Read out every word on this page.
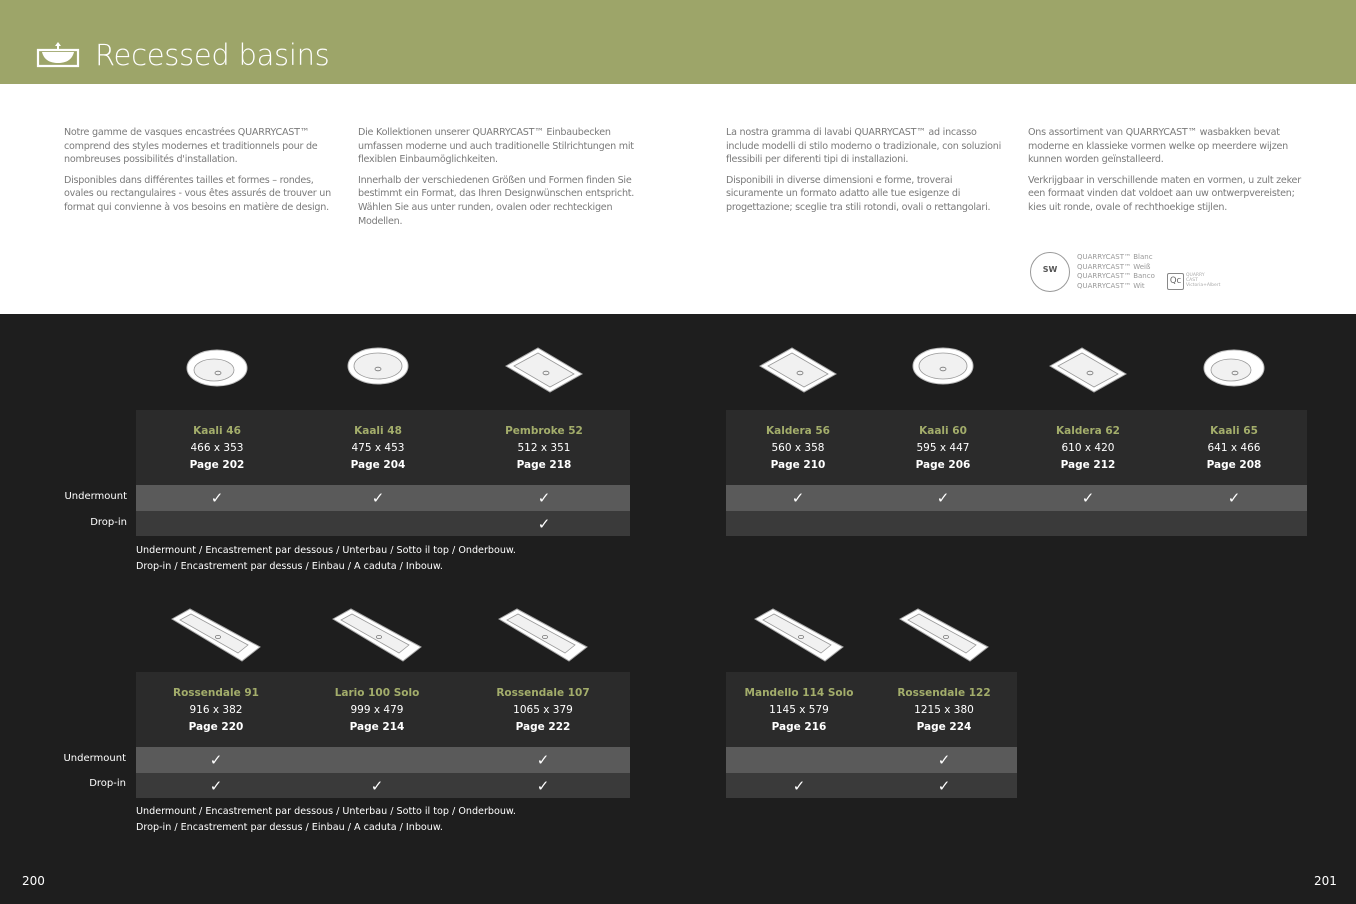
Recessed basins

Notre gamme de vasques encastrées QUARRYCAST™ comprend des styles modernes et traditionnels pour de nombreuses possibilités d'installation.

Disponibles dans différentes tailles et formes – rondes, ovales ou rectangulaires - vous êtes assurés de trouver un format qui convienne à vos besoins en matière de design.

Die Kollektionen unserer QUARRYCAST™ Einbaubecken umfassen moderne und auch traditionelle Stilrichtungen mit flexiblen Einbaumöglichkeiten.

Innerhalb der verschiedenen Größen und Formen finden Sie bestimmt ein Format, das Ihren Designwünschen entspricht. Wählen Sie aus unter runden, ovalen oder rechteckigen Modellen.

La nostra gramma di lavabi QUARRYCAST™ ad incasso include modelli di stilo moderno o tradizionale, con soluzioni flessibili per diferenti tipi di installazioni.

Disponibili in diverse dimensioni e forme, troverai sicuramente un formato adatto alle tue esigenze di progettazione; sceglie tra stili rotondi, ovali o rettangolari.

Ons assortiment van QUARRYCAST™ wasbakken bevat moderne en klassieke vormen welke op meerdere wijzen kunnen worden geïnstalleerd.

Verkrijgbaar in verschillende maten en vormen, u zult zeker een formaat vinden dat voldoet aan uw ontwerpvereisten; kies uit ronde, ovale of rechthoekige stijlen.

SW
QUARRYCAST™ Blanc
QUARRYCAST™ Weiß
QUARRYCAST™ Banco
QUARRYCAST™ Wit	Qc
QUARRY
CAST
Victoria+Albert
Kaali 46
466 x 353
Page 202
✓
Kaali 48
475 x 453
Page 204
✓
Pembroke 52
512 x 351
Page 218
✓
✓
Kaldera 56
560 x 358
Page 210
✓
Kaali 60
595 x 447
Page 206
✓
Kaldera 62
610 x 420
Page 212
✓
Kaali 65
641 x 466
Page 208
✓
Rossendale 91
916 x 382
Page 220
✓
✓
Lario 100 Solo
999 x 479
Page 214
✓
Rossendale 107
1065 x 379
Page 222
✓
✓
Mandello 114 Solo
1145 x 579
Page 216
✓
Rossendale 122
1215 x 380
Page 224
✓
✓
Undermount / Encastrement par dessous / Unterbau / Sotto il top / Onderbouw.
Drop-in / Encastrement par dessus / Einbau / A caduta / Inbouw.
Undermount / Encastrement par dessous / Unterbau / Sotto il top / Onderbouw.
Drop-in / Encastrement par dessus / Einbau / A caduta / Inbouw.
Undermount
Drop-in
Undermount
Drop-in
200	201
